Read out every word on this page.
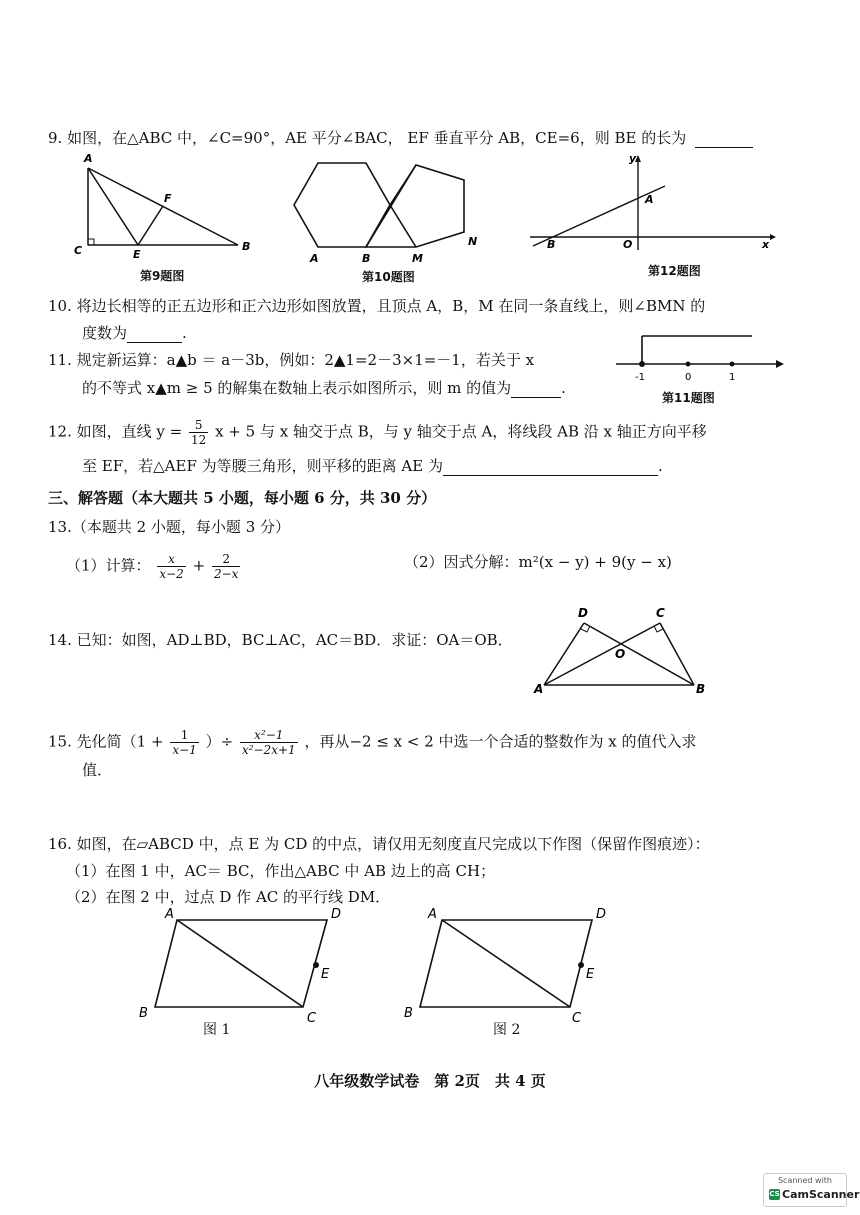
9. 如图，在△ABC 中，∠C=90°，AE 平分∠BAC， EF 垂直平分 AB，CE=6，则 BE 的长为
A
C	E
F
B
第9题图
A	B	M
N
第10题图
y
A
B	O	x
第12题图
10. 将边长相等的正五边形和正六边形如图放置，且顶点 A，B，M 在同一条直线上，则∠BMN 的
度数为	.
11. 规定新运算：a▲b ＝ a－3b，例如：2▲1=2－3×1=－1，若关于 x
的不等式 x▲m ≥ 5 的解集在数轴上表示如图所示，则 m 的值为	.
-1	0	1
第11题图
12. 如图，直线 $y = \frac{5}{12}$ x + 5 与 x 轴交于点 B，与 y 轴交于点 A，将线段 AB 沿 x 轴正方向平移
至 EF，若△AEF 为等腰三角形，则平移的距离 AE 为	.
三、解答题（本大题共 5 小题，每小题 6 分，共 30 分）
13.（本题共 2 小题，每小题 3 分）
（1）计算： $\frac{x}{x-2} + \frac{2}{2-x}$	（2）因式分解：m²(x − y) + 9(y − x)
14. 已知：如图，AD⊥BD，BC⊥AC，AC＝BD．求证：OA＝OB．
D	C
O
A	B
15. 先化简（$1 + \frac{1}{x-1}$ ）÷ $\frac{\text{x²−1}}{\text{x²−2x+1}}$ ，再从−2 ≤ x < 2 中选一个合适的整数作为 x 的值代入求
值．
16. 如图，在▱ABCD 中，点 E 为 CD 的中点，请仅用无刻度直尺完成以下作图（保留作图痕迹）：
（1）在图 1 中，AC＝ BC，作出△ABC 中 AB 边上的高 CH；
（2）在图 2 中，过点 D 作 AC 的平行线 DM．
A	D
E
B	C
图 1
A	D
E
B	C
图 2
八年级数学试卷　第 2页　共 4 页
Scanned with
CS CamScanner
